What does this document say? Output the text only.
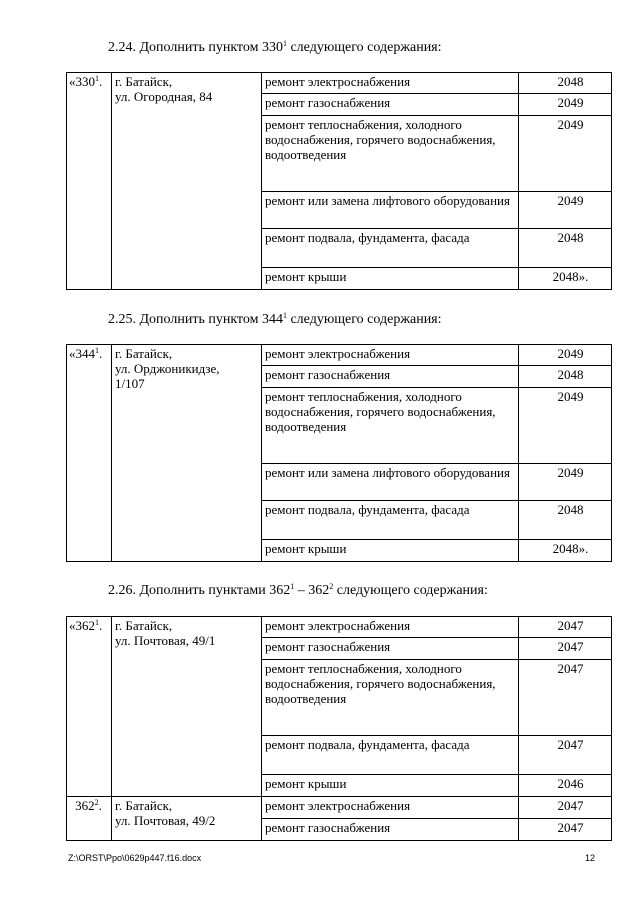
2.24. Дополнить пунктом $330^1$ следующего содержания:
«$330^1$.	г. Батайск,
ул. Огородная, 84	ремонт электроснабжения	2048
		ремонт газоснабжения	2049
		ремонт теплоснабжения, холодного водоснабжения, горячего водоснабжения, водоотведения	2049
		ремонт или замена лифтового оборудования	2049
		ремонт подвала, фундамента, фасада	2048
		ремонт крыши	2048».
2.25. Дополнить пунктом $344^1$ следующего содержания:
«$344^1$.	г. Батайск,
ул. Орджоникидзе,
1/107	ремонт электроснабжения	2049
		ремонт газоснабжения	2048
		ремонт теплоснабжения, холодного водоснабжения, горячего водоснабжения, водоотведения	2049
		ремонт или замена лифтового оборудования	2049
		ремонт подвала, фундамента, фасада	2048
		ремонт крыши	2048».
2.26. Дополнить пунктами $362^1 - 362^2$ следующего содержания:
«$362^1$.	г. Батайск,
ул. Почтовая, 49/1	ремонт электроснабжения	2047
		ремонт газоснабжения	2047
		ремонт теплоснабжения, холодного водоснабжения, горячего водоснабжения, водоотведения	2047
		ремонт подвала, фундамента, фасада	2047
		ремонт крыши	2046
$362^2$.	г. Батайск,
ул. Почтовая, 49/2	ремонт электроснабжения	2047
		ремонт газоснабжения	2047
Z:\ORST\Ppo\0629p447.f16.docx	12
